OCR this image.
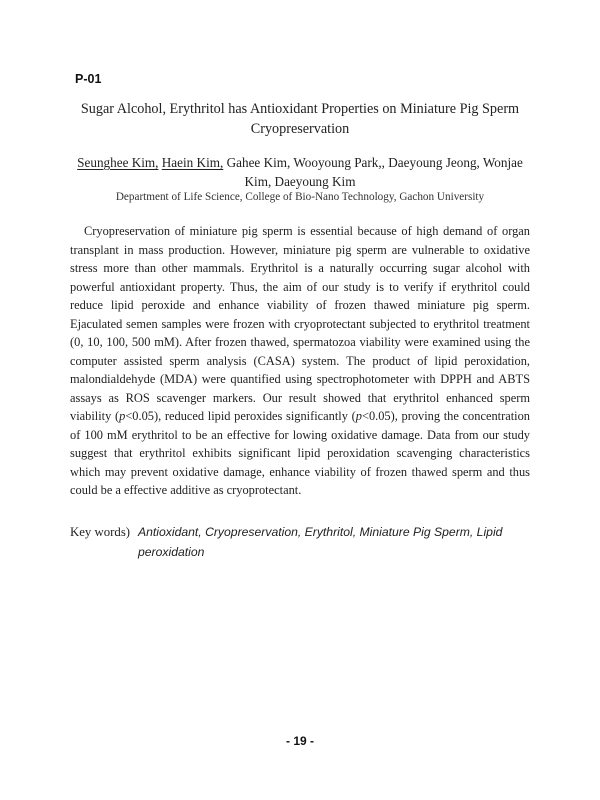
P-01
Sugar Alcohol, Erythritol has Antioxidant Properties on Miniature Pig Sperm Cryopreservation
Seunghee Kim, Haein Kim, Gahee Kim, Wooyoung Park,, Daeyoung Jeong, Wonjae Kim, Daeyoung Kim
Department of Life Science, College of Bio-Nano Technology, Gachon University

Cryopreservation of miniature pig sperm is essential because of high demand of organ transplant in mass production. However, miniature pig sperm are vulnerable to oxidative stress more than other mammals. Erythritol is a naturally occurring sugar alcohol with powerful antioxidant property. Thus, the aim of our study is to verify if erythritol could reduce lipid peroxide and enhance viability of frozen thawed miniature pig sperm. Ejaculated semen samples were frozen with cryoprotectant subjected to erythritol treatment (0, 10, 100, 500 mM). After frozen thawed, spermatozoa viability were examined using the computer assisted sperm analysis (CASA) system. The product of lipid peroxidation, malondialdehyde (MDA) were quantified using spectrophotometer with DPPH and ABTS assays as ROS scavenger markers. Our result showed that erythritol enhanced sperm viability (p<0.05), reduced lipid peroxides significantly (p<0.05), proving the concentration of 100 mM erythritol to be an effective for lowing oxidative damage. Data from our study suggest that erythritol exhibits significant lipid peroxidation scavenging characteristics which may prevent oxidative damage, enhance viability of frozen thawed sperm and thus could be a effective additive as cryoprotectant.

Key words) Antioxidant, Cryopreservation, Erythritol, Miniature Pig Sperm, Lipid peroxidation
- 19 -
